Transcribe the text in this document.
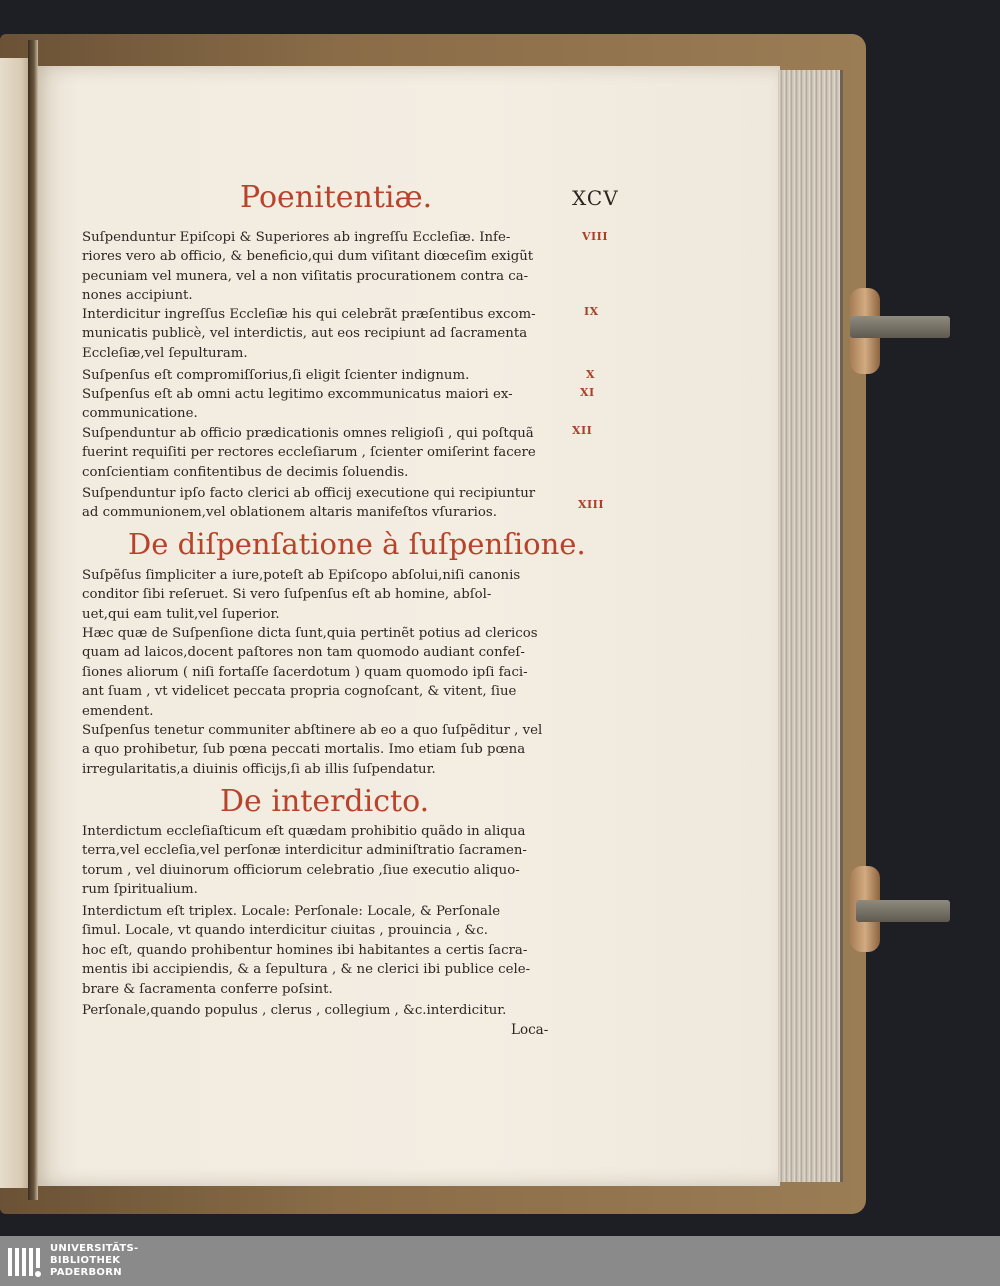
XCV
Poenitentiæ.
De diſpenſatione à ſuſpenſione.
De interdicto.
VIII
IX
X
XI
XII
XIII
Suſpenduntur Epiſcopi & Superiores ab ingreſſu Eccleſiæ. Infe-
riores vero ab officio, & beneficio,qui dum viſitant diœceſim exigũt
pecuniam vel munera, vel a non viſitatis procurationem contra ca-
nones accipiunt.
Interdicitur ingreſſus Eccleſiæ his qui celebrãt præſentibus excom-
municatis publicè, vel interdictis, aut eos recipiunt ad ſacramenta
Eccleſiæ,vel ſepulturam.
Suſpenſus eſt compromiſſorius,ſi eligit ſcienter indignum.
Suſpenſus eſt ab omni actu legitimo excommunicatus maiori ex-
communicatione.
Suſpenduntur ab officio prædicationis omnes religioſi , qui poſtquã
fuerint requiſiti per rectores eccleſiarum , ſcienter omiſerint facere
conſcientiam confitentibus de decimis ſoluendis.
Suſpenduntur ipſo facto clerici ab officij executione qui recipiuntur
ad communionem,vel oblationem altaris manifeſtos vſurarios.
Suſpẽſus ſimpliciter a iure,poteſt ab Epiſcopo abſolui,niſi canonis
conditor ſibi reſeruet. Si vero ſuſpenſus eſt ab homine, abſol-
uet,qui eam tulit,vel ſuperior.
Hæc quæ de Suſpenſione dicta ſunt,quia pertinẽt potius ad clericos
quam ad laicos,docent paſtores non tam quomodo audiant confeſ-
ſiones aliorum ( niſi fortaſſe ſacerdotum ) quam quomodo ipſi faci-
ant ſuam , vt videlicet peccata propria cognoſcant, & vitent, ſiue
emendent.
Suſpenſus tenetur communiter abſtinere ab eo a quo ſuſpẽditur , vel
a quo prohibetur, ſub pœna peccati mortalis. Imo etiam ſub pœna
irregularitatis,a diuinis officijs,ſi ab illis ſuſpendatur.
Interdictum eccleſiaſticum eſt quædam prohibitio quãdo in aliqua
terra,vel eccleſia,vel perſonæ interdicitur adminiſtratio ſacramen-
torum , vel diuinorum officiorum celebratio ,ſiue executio aliquo-
rum ſpiritualium.
Interdictum eſt triplex. Locale: Perſonale: Locale, & Perſonale
ſimul. Locale, vt quando interdicitur ciuitas , prouincia , &c.
hoc eſt, quando prohibentur homines ibi habitantes a certis ſacra-
mentis ibi accipiendis, & a ſepultura , & ne clerici ibi publice cele-
brare & ſacramenta conferre poſsint.
Perſonale,quando populus , clerus , collegium , &c.interdicitur.
Loca-
UNIVERSITÄTS-
BIBLIOTHEK
PADERBORN
